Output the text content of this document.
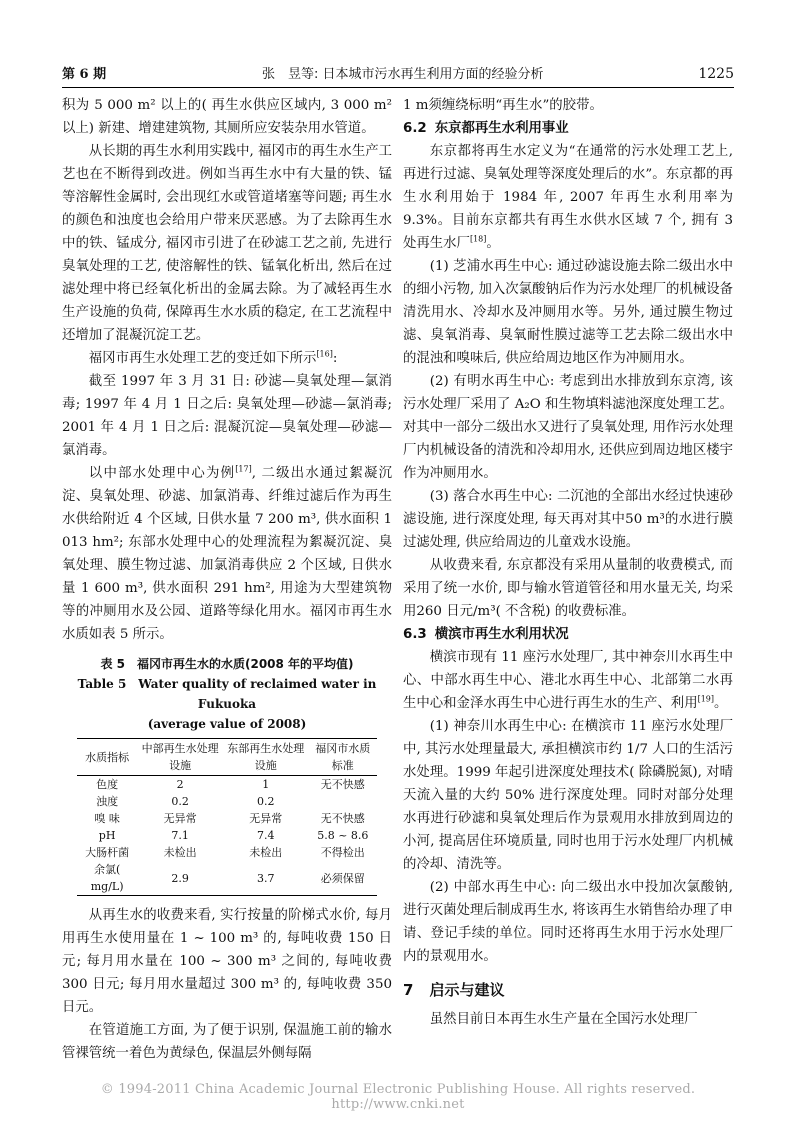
第 6 期	张　昱等: 日本城市污水再生利用方面的经验分析	1225

积为 5 000 m² 以上的( 再生水供应区域内, 3 000 m² 以上) 新建、增建建筑物, 其厕所应安装杂用水管道。

从长期的再生水利用实践中, 福冈市的再生水生产工艺也在不断得到改进。例如当再生水中有大量的铁、锰等溶解性金属时, 会出现红水或管道堵塞等问题; 再生水的颜色和浊度也会给用户带来厌恶感。为了去除再生水中的铁、锰成分, 福冈市引进了在砂滤工艺之前, 先进行臭氧处理的工艺, 使溶解性的铁、锰氧化析出, 然后在过滤处理中将已经氧化析出的金属去除。为了减轻再生水生产设施的负荷, 保障再生水水质的稳定, 在工艺流程中还增加了混凝沉淀工艺。

福冈市再生水处理工艺的变迁如下所示[16]:

截至 1997 年 3 月 31 日: 砂滤—臭氧处理—氯消毒; 1997 年 4 月 1 日之后: 臭氧处理—砂滤—氯消毒; 2001 年 4 月 1 日之后: 混凝沉淀—臭氧处理—砂滤—氯消毒。

以中部水处理中心为例[17], 二级出水通过絮凝沉淀、臭氧处理、砂滤、加氯消毒、纤维过滤后作为再生水供给附近 4 个区域, 日供水量 7 200 m³, 供水面积 1 013 hm²; 东部水处理中心的处理流程为絮凝沉淀、臭氧处理、膜生物过滤、加氯消毒供应 2 个区域, 日供水量 1 600 m³, 供水面积 291 hm², 用途为大型建筑物等的冲厕用水及公园、道路等绿化用水。福冈市再生水水质如表 5 所示。

表 5　福冈市再生水的水质(2008 年的平均值)
Table 5　Water quality of reclaimed water in Fukuoka
(average value of 2008)
水质指标	中部再生水处理设施	东部再生水处理设施	福冈市水质标准
色度	2	1	无不快感
浊度	0.2	0.2	
嗅 味	无异常	无异常	无不快感
pH	7.1	7.4	5.8 ~ 8.6
大肠杆菌	未检出	未检出	不得检出
余氯( mg/L)	2.9	3.7	必须保留

从再生水的收费来看, 实行按量的阶梯式水价, 每月用再生水使用量在 1 ~ 100 m³ 的, 每吨收费 150 日元; 每月用水量在 100 ~ 300 m³ 之间的, 每吨收费 300 日元; 每月用水量超过 300 m³ 的, 每吨收费 350 日元。

在管道施工方面, 为了便于识别, 保温施工前的输水管裸管统一着色为黄绿色, 保温层外侧每隔

1 m须缠绕标明“再生水”的胶带。

6.2 东京都再生水利用事业

东京都将再生水定义为“在通常的污水处理工艺上, 再进行过滤、臭氧处理等深度处理后的水”。东京都的再生水利用始于 1984 年, 2007 年再生水利用率为 9.3%。目前东京都共有再生水供水区域 7 个, 拥有 3 处再生水厂[18]。

(1) 芝浦水再生中心: 通过砂滤设施去除二级出水中的细小污物, 加入次氯酸钠后作为污水处理厂的机械设备清洗用水、冷却水及冲厕用水等。另外, 通过膜生物过滤、臭氧消毒、臭氧耐性膜过滤等工艺去除二级出水中的混浊和嗅味后, 供应给周边地区作为冲厕用水。

(2) 有明水再生中心: 考虑到出水排放到东京湾, 该污水处理厂采用了 A₂O 和生物填料滤池深度处理工艺。对其中一部分二级出水又进行了臭氧处理, 用作污水处理厂内机械设备的清洗和冷却用水, 还供应到周边地区楼宇作为冲厕用水。

(3) 落合水再生中心: 二沉池的全部出水经过快速砂滤设施, 进行深度处理, 每天再对其中50 m³的水进行膜过滤处理, 供应给周边的儿童戏水设施。

从收费来看, 东京都没有采用从量制的收费模式, 而采用了统一水价, 即与输水管道管径和用水量无关, 均采用260 日元/m³( 不含税) 的收费标准。

6.3 横滨市再生水利用状况

横滨市现有 11 座污水处理厂, 其中神奈川水再生中心、中部水再生中心、港北水再生中心、北部第二水再生中心和金泽水再生中心进行再生水的生产、利用[19]。

(1) 神奈川水再生中心: 在横滨市 11 座污水处理厂中, 其污水处理量最大, 承担横滨市约 1/7 人口的生活污水处理。1999 年起引进深度处理技术( 除磷脱氮), 对晴天流入量的大约 50% 进行深度处理。同时对部分处理水再进行砂滤和臭氧处理后作为景观用水排放到周边的小河, 提高居住环境质量, 同时也用于污水处理厂内机械的冷却、清洗等。

(2) 中部水再生中心: 向二级出水中投加次氯酸钠, 进行灭菌处理后制成再生水, 将该再生水销售给办理了申请、登记手续的单位。同时还将再生水用于污水处理厂内的景观用水。

7 启示与建议

虽然目前日本再生水生产量在全国污水处理厂

© 1994-2011 China Academic Journal Electronic Publishing House. All rights reserved.　　http://www.cnki.net
